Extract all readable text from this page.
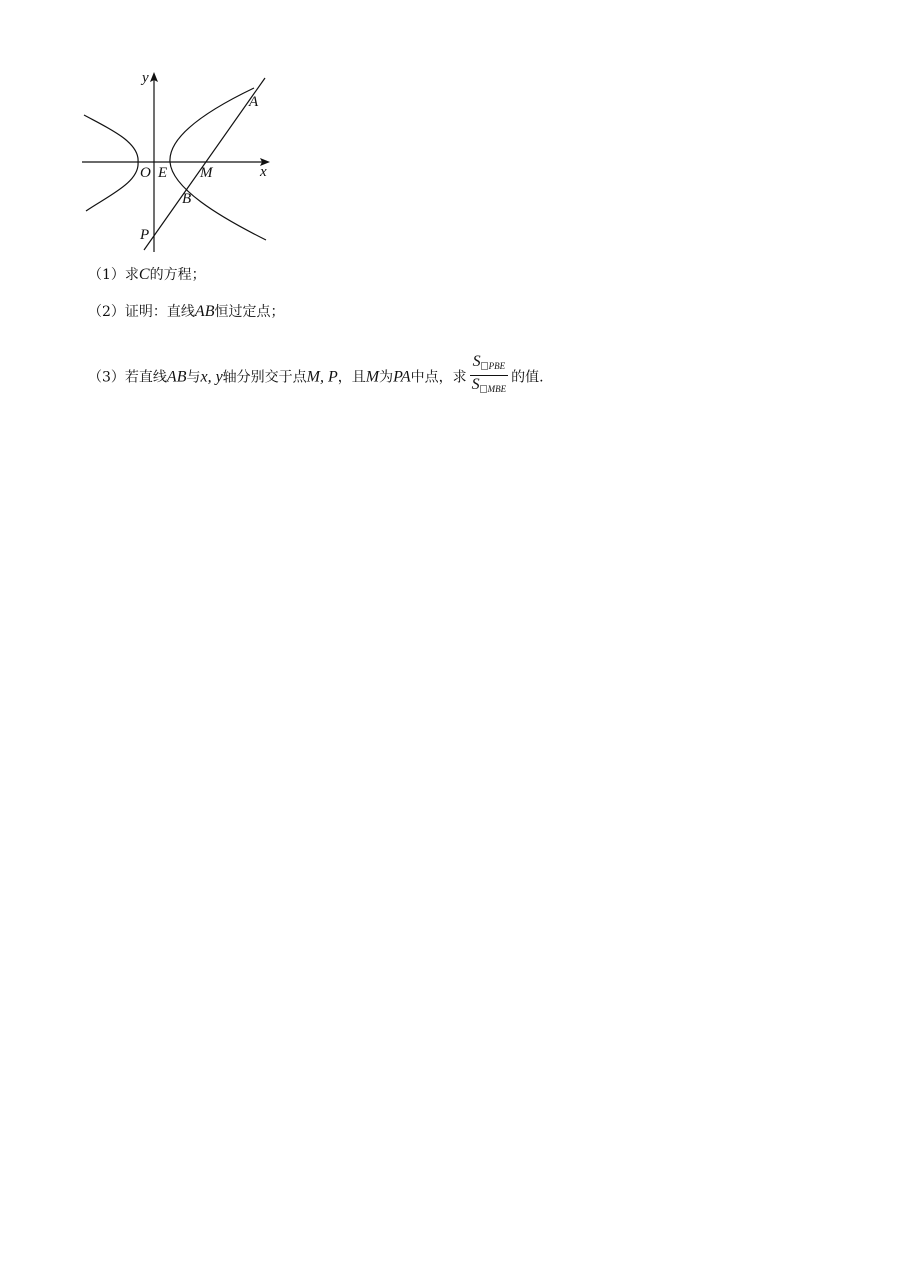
y
x
O E M
A
B
P
（1）求C的方程；
（2）证明：直线AB恒过定点；
（3）若直线AB与x, y轴分别交于点M, P，且M为PA中点，求 $\frac{S _{PBE}}{S _{MBE}}$ 的值.
